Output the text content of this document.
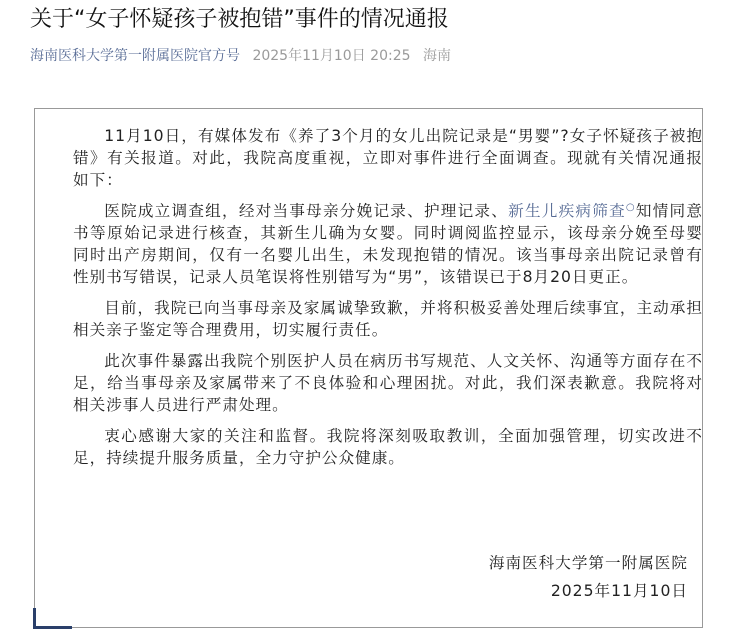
关于“女子怀疑孩子被抱错”事件的情况通报
海南医科大学第一附属医院官方号 2025年11月10日 20:25 海南

11月10日，有媒体发布《养了3个月的女儿出院记录是“男婴”?女子怀疑孩子被抱错》有关报道。对此，我院高度重视，立即对事件进行全面调查。现就有关情况通报如下：

医院成立调查组，经对当事母亲分娩记录、护理记录、新生儿疾病筛查○知情同意书等原始记录进行核查，其新生儿确为女婴。同时调阅监控显示，该母亲分娩至母婴同时出产房期间，仅有一名婴儿出生，未发现抱错的情况。该当事母亲出院记录曾有性别书写错误，记录人员笔误将性别错写为“男”，该错误已于8月20日更正。

目前，我院已向当事母亲及家属诚挚致歉，并将积极妥善处理后续事宜，主动承担相关亲子鉴定等合理费用，切实履行责任。

此次事件暴露出我院个别医护人员在病历书写规范、人文关怀、沟通等方面存在不足，给当事母亲及家属带来了不良体验和心理困扰。对此，我们深表歉意。我院将对相关涉事人员进行严肃处理。

衷心感谢大家的关注和监督。我院将深刻吸取教训，全面加强管理，切实改进不足，持续提升服务质量，全力守护公众健康。

海南医科大学第一附属医院
2025年11月10日
